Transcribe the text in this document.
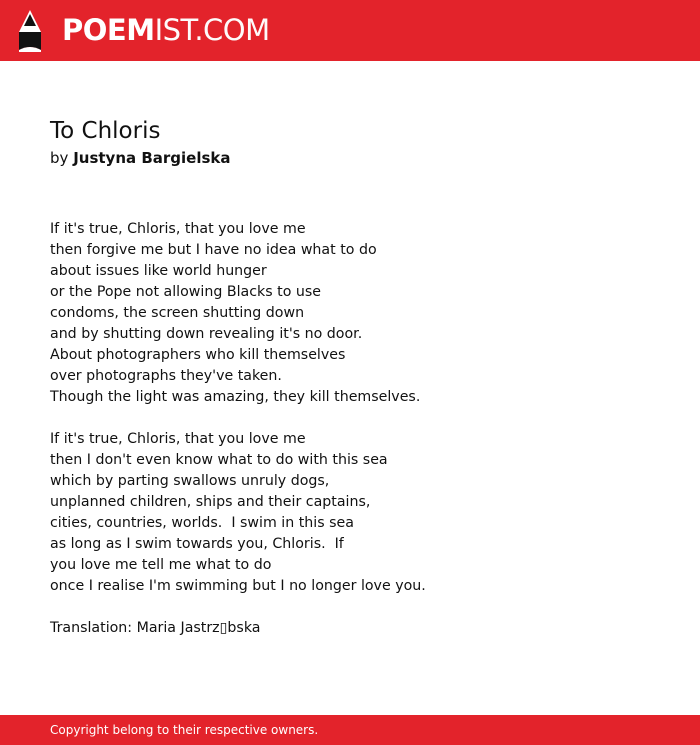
POEMIST.COM
To Chloris
by Justyna Bargielska
If it's true, Chloris, that you love me
then forgive me but I have no idea what to do
about issues like world hunger
or the Pope not allowing Blacks to use
condoms, the screen shutting down
and by shutting down revealing it's no door.
About photographers who kill themselves
over photographs they've taken.
Though the light was amazing, they kill themselves.
If it's true, Chloris, that you love me
then I don't even know what to do with this sea
which by parting swallows unruly dogs,
unplanned children, ships and their captains,
cities, countries, worlds.  I swim in this sea
as long as I swim towards you, Chloris.  If
you love me tell me what to do
once I realise I'm swimming but I no longer love you.
Translation: Maria Jastrz▯bska
Copyright belong to their respective owners.
